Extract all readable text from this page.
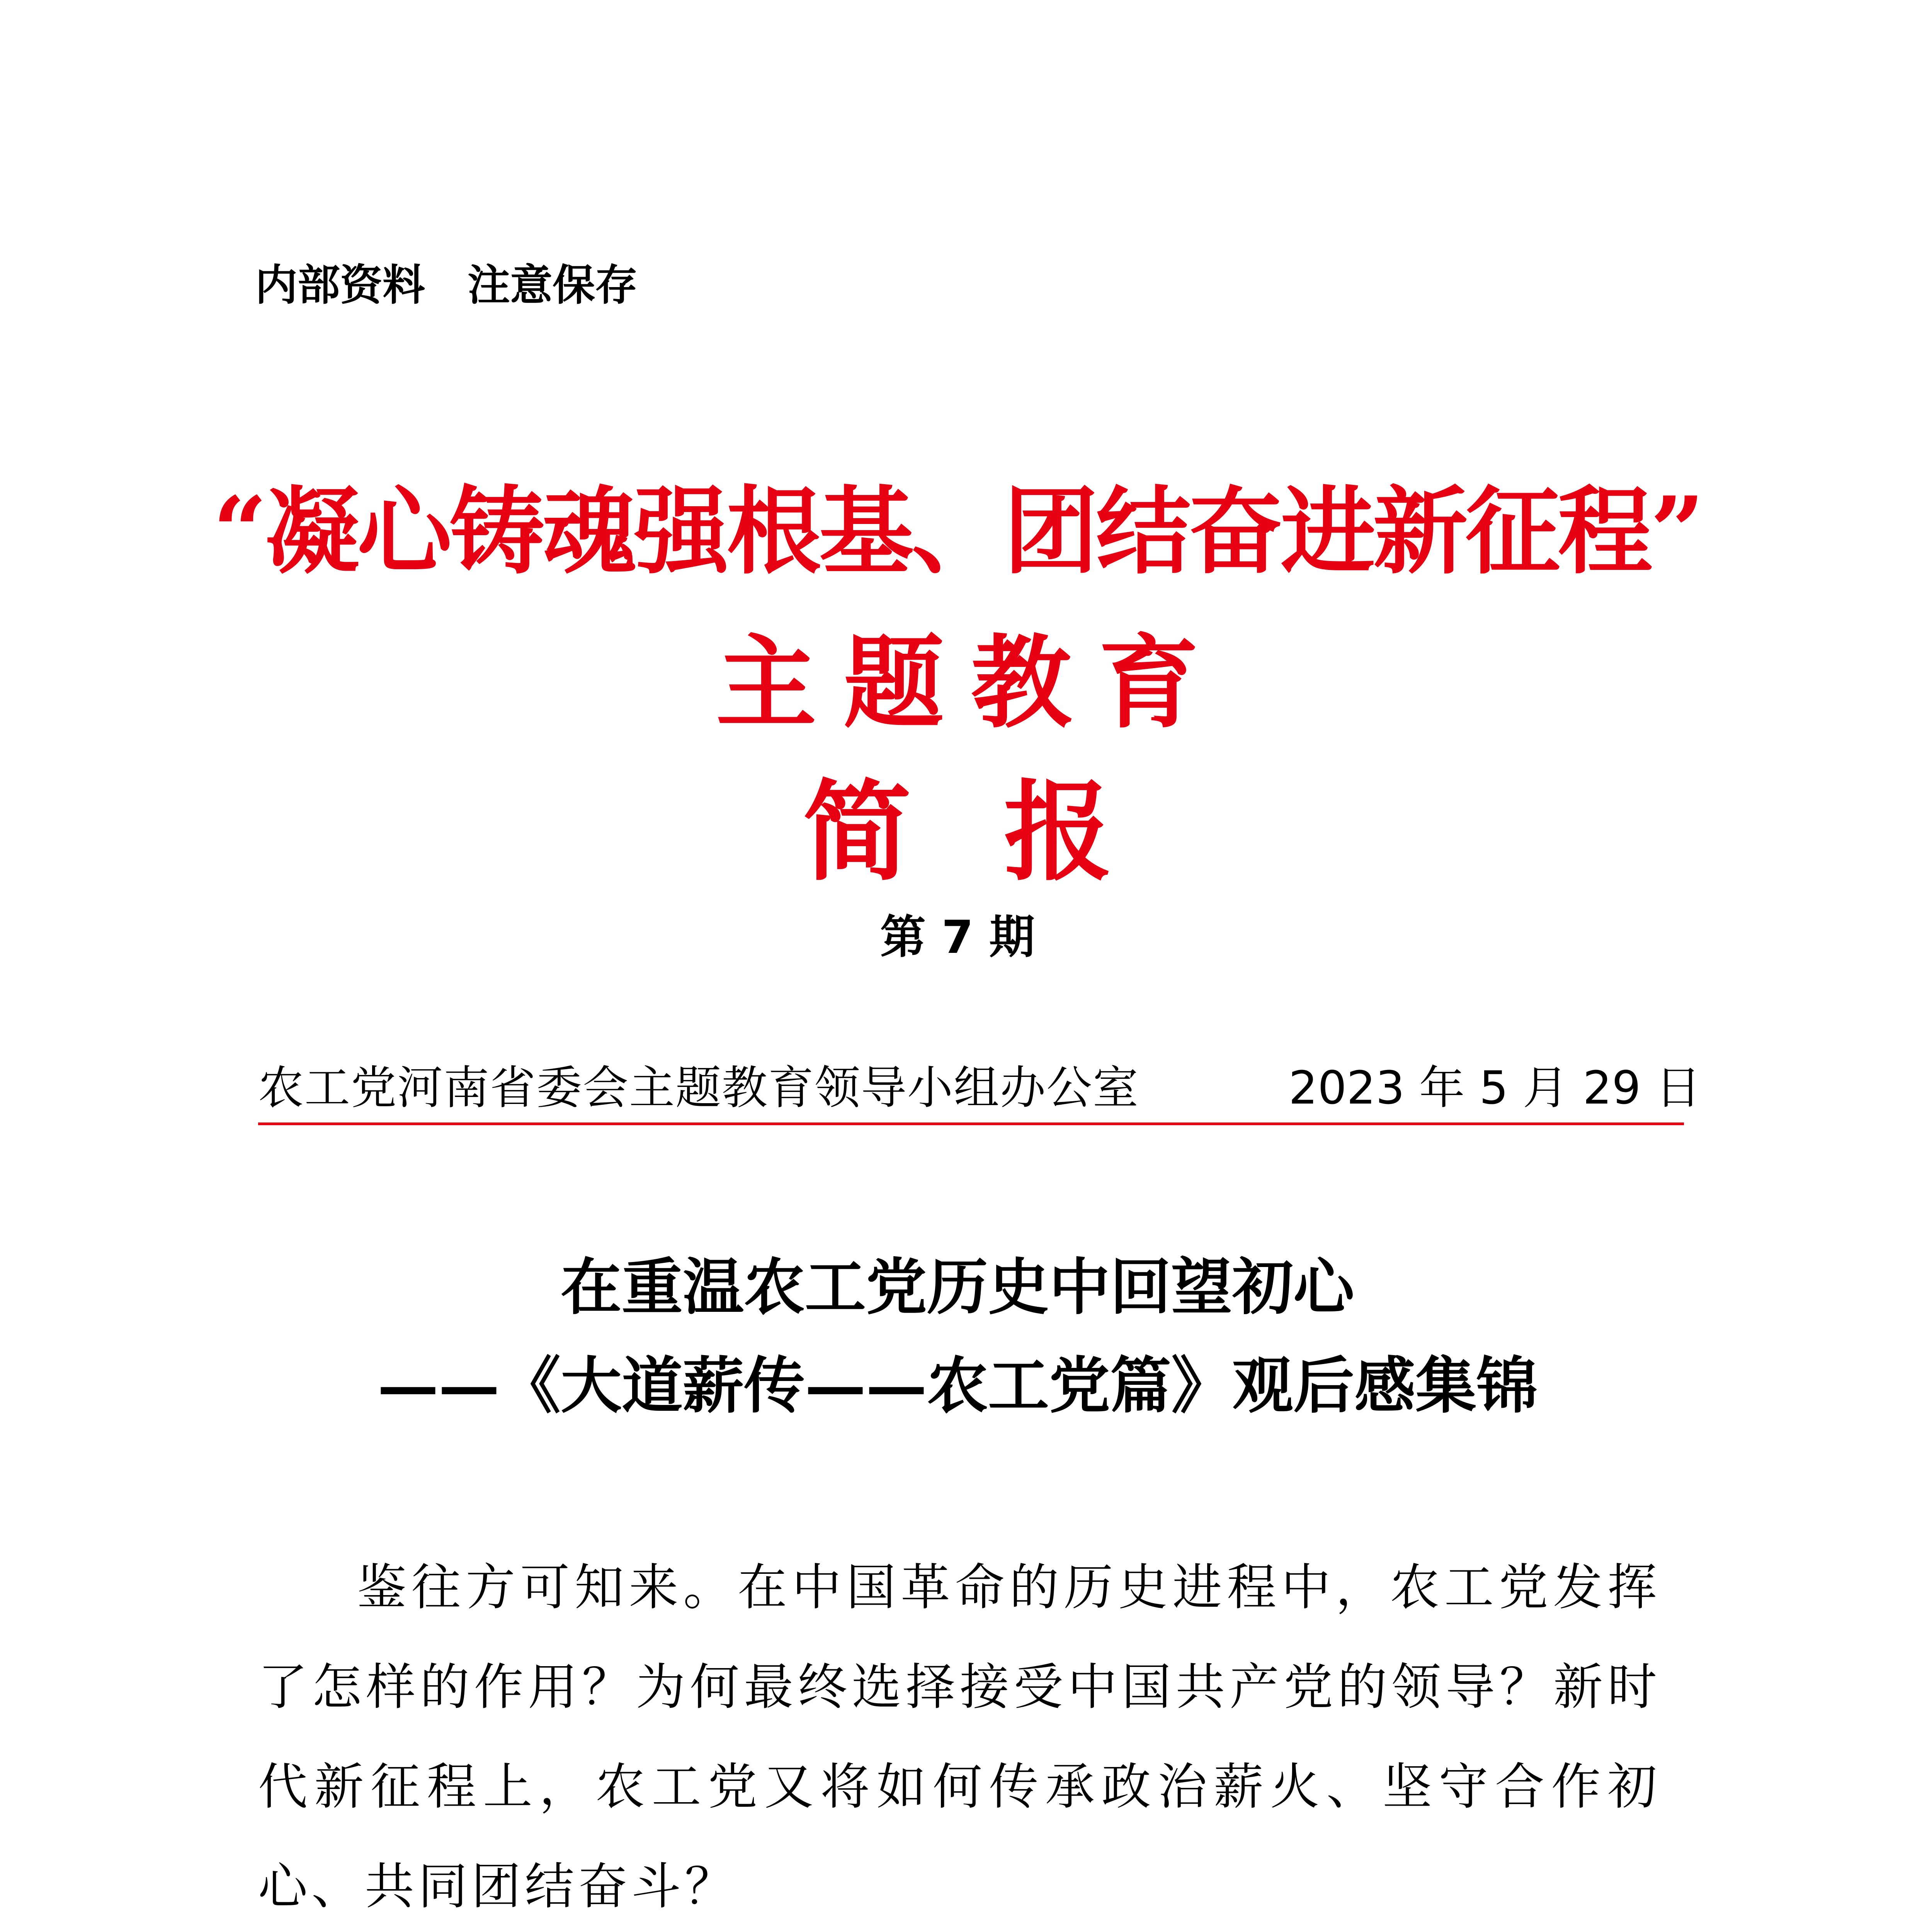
内部资料　注意保存
“凝心铸魂强根基、团结奋进新征程”
主题教育
简报
第 7 期
农工党河南省委会主题教育领导小组办公室	2023 年 5 月 29 日
在重温农工党历史中回望初心
——《大道薪传——农工党篇》观后感集锦

鉴往方可知来。在中国革命的历史进程中，农工党发挥了怎样的作用？为何最终选择接受中国共产党的领导？新时代新征程上，农工党又将如何传承政治薪火、坚守合作初心、共同团结奋斗？
